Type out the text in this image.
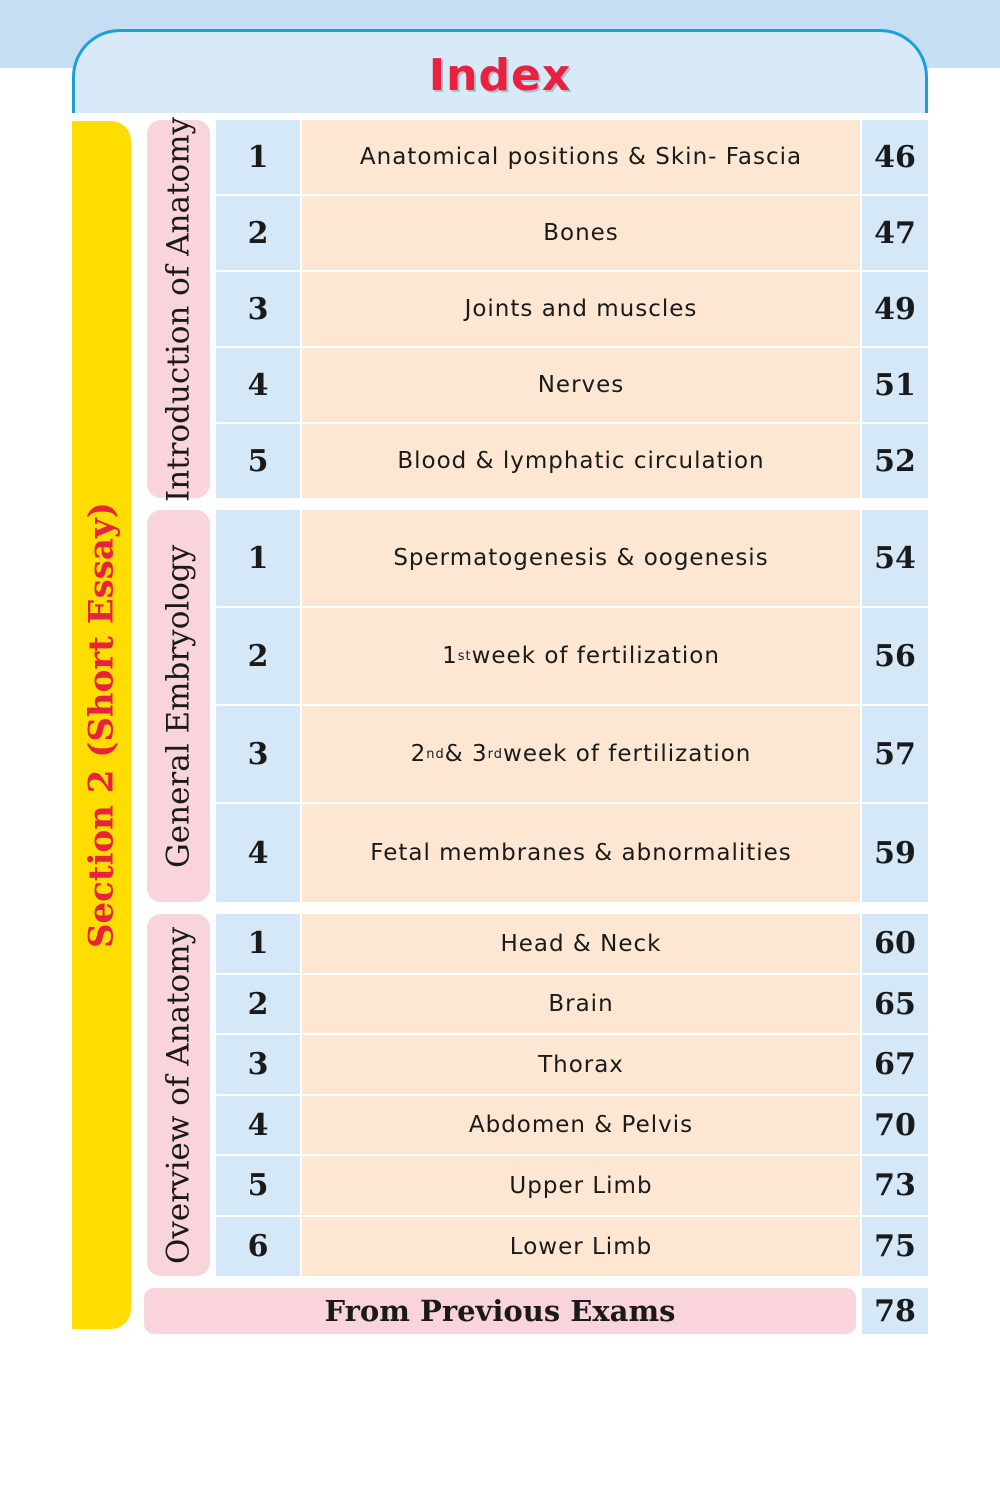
Index
Section 2 (Short Essay)
Introduction of Anatomy	1	Anatomical positions & Skin- Fascia	46
2	Bones	47
3	Joints and muscles	49
4	Nerves	51
5	Blood & lymphatic circulation	52
General Embryology	1	Spermatogenesis & oogenesis	54
2	1 st week of fertilization	56
3	2 nd & 3 rd week of fertilization	57
4	Fetal membranes & abnormalities	59
Overview of Anatomy	1	Head & Neck	60
2	Brain	65
3	Thorax	67
4	Abdomen & Pelvis	70
5	Upper Limb	73
6	Lower Limb	75
From Previous Exams	78
